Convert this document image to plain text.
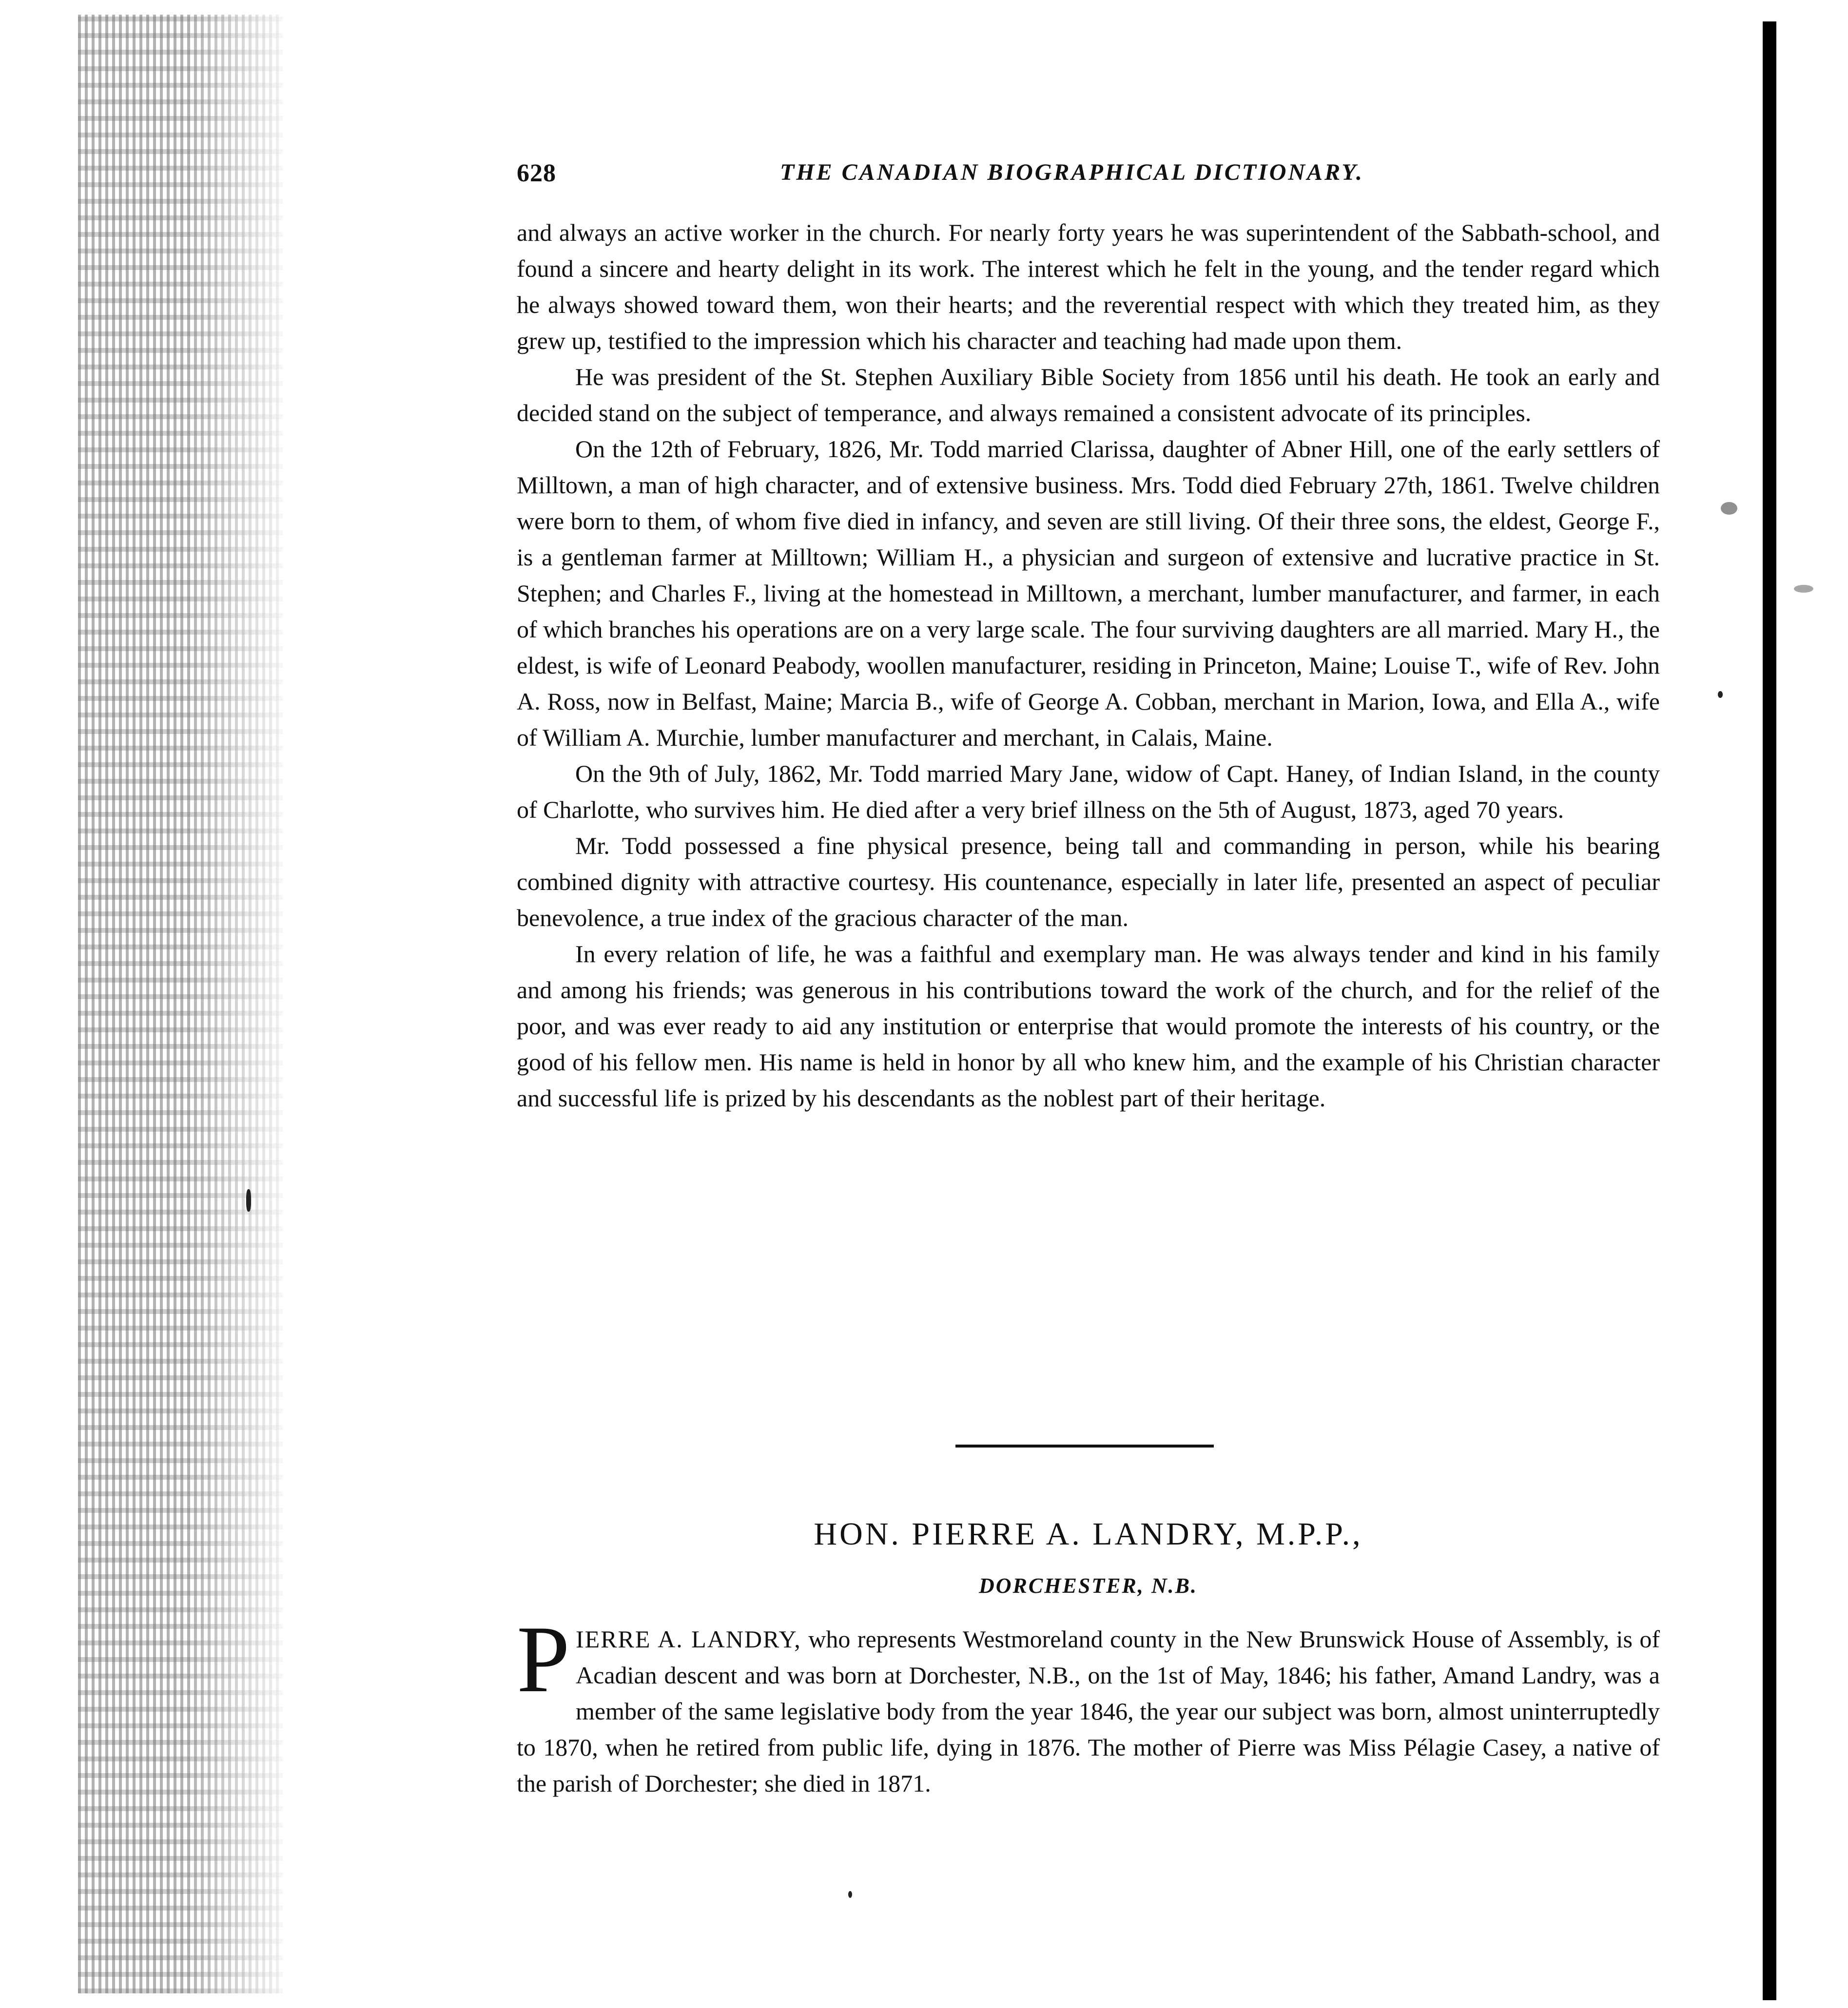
628	THE CANADIAN BIOGRAPHICAL DICTIONARY.

and always an active worker in the church. For nearly forty years he was superintendent of the Sabbath-school, and found a sincere and hearty delight in its work. The interest which he felt in the young, and the tender regard which he always showed toward them, won their hearts; and the reverential respect with which they treated him, as they grew up, testified to the impression which his character and teaching had made upon them.

He was president of the St. Stephen Auxiliary Bible Society from 1856 until his death. He took an early and decided stand on the subject of temperance, and always remained a consistent advocate of its principles.

On the 12th of February, 1826, Mr. Todd married Clarissa, daughter of Abner Hill, one of the early settlers of Milltown, a man of high character, and of extensive business. Mrs. Todd died February 27th, 1861. Twelve children were born to them, of whom five died in infancy, and seven are still living. Of their three sons, the eldest, George F., is a gentleman farmer at Milltown; William H., a physician and surgeon of extensive and lucrative practice in St. Stephen; and Charles F., living at the homestead in Milltown, a merchant, lumber manufacturer, and farmer, in each of which branches his operations are on a very large scale. The four surviving daughters are all married. Mary H., the eldest, is wife of Leonard Peabody, woollen manufacturer, residing in Princeton, Maine; Louise T., wife of Rev. John A. Ross, now in Belfast, Maine; Marcia B., wife of George A. Cobban, merchant in Marion, Iowa, and Ella A., wife of William A. Murchie, lumber manufacturer and merchant, in Calais, Maine.

On the 9th of July, 1862, Mr. Todd married Mary Jane, widow of Capt. Haney, of Indian Island, in the county of Charlotte, who survives him. He died after a very brief illness on the 5th of August, 1873, aged 70 years.

Mr. Todd possessed a fine physical presence, being tall and commanding in person, while his bearing combined dignity with attractive courtesy. His countenance, especially in later life, presented an aspect of peculiar benevolence, a true index of the gracious character of the man.

In every relation of life, he was a faithful and exemplary man. He was always tender and kind in his family and among his friends; was generous in his contributions toward the work of the church, and for the relief of the poor, and was ever ready to aid any institution or enterprise that would promote the interests of his country, or the good of his fellow men. His name is held in honor by all who knew him, and the example of his Christian character and successful life is prized by his descendants as the noblest part of their heritage.

HON. PIERRE A. LANDRY, M.P.P.,
DORCHESTER, N.B.
PIERRE A. LANDRY, who represents Westmoreland county in the New Brunswick House of Assembly, is of Acadian descent and was born at Dorchester, N.B., on the 1st of May, 1846; his father, Amand Landry, was a member of the same legislative body from the year 1846, the year our subject was born, almost uninterruptedly to 1870, when he retired from public life, dying in 1876. The mother of Pierre was Miss Pélagie Casey, a native of the parish of Dorchester; she died in 1871.
